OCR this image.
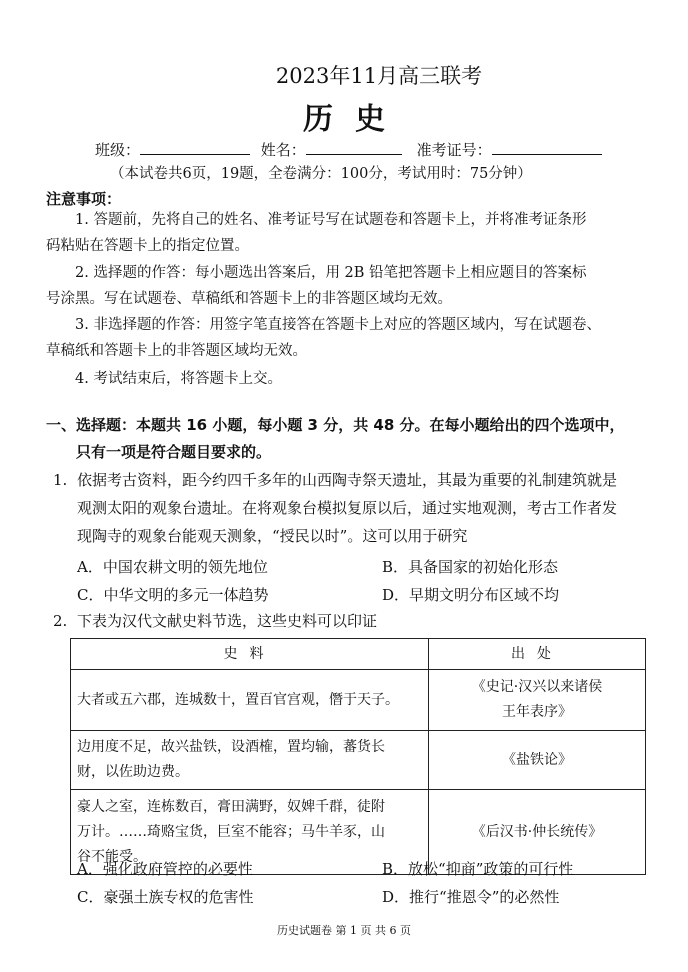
2023年11月高三联考
历史
班级：	姓名：	准考证号：
（本试卷共6页，19题，全卷满分：100分，考试用时：75分钟）
注意事项：
1. 答题前，先将自己的姓名、准考证号写在试题卷和答题卡上，并将准考证条形
码粘贴在答题卡上的指定位置。
2. 选择题的作答：每小题选出答案后，用 2B 铅笔把答题卡上相应题目的答案标
号涂黑。写在试题卷、草稿纸和答题卡上的非答题区域均无效。
3. 非选择题的作答：用签字笔直接答在答题卡上对应的答题区域内，写在试题卷、
草稿纸和答题卡上的非答题区域均无效。
4. 考试结束后，将答题卡上交。
一、选择题：本题共 16 小题，每小题 3 分，共 48 分。在每小题给出的四个选项中，
只有一项是符合题目要求的。
1. 依据考古资料，距今约四千多年的山西陶寺祭天遗址，其最为重要的礼制建筑就是
观测太阳的观象台遗址。在将观象台模拟复原以后，通过实地观测，考古工作者发
现陶寺的观象台能观天测象，“授民以时”。这可以用于研究
A．中国农耕文明的领先地位	B．具备国家的初始化形态
C．中华文明的多元一体趋势	D．早期文明分布区域不均
2. 下表为汉代文献史料节选，这些史料可以印证
史料	出处
大者或五六郡，连城数十，置百官宫观，僭于天子。	《史记·汉兴以来诸侯
王年表序》

边用度不足，故兴盐铁，设酒榷，置均输，蕃货长
财，以佐助边费。	《盐铁论》

豪人之室，连栋数百，膏田满野，奴婢千群，徒附
万计。……琦赂宝货，巨室不能容；马牛羊豕，山
谷不能受。	《后汉书·仲长统传》
A．强化政府管控的必要性	B．放松“抑商”政策的可行性
C．豪强土族专权的危害性	D．推行“推恩令”的必然性
历史试题卷 第 1 页 共 6 页
